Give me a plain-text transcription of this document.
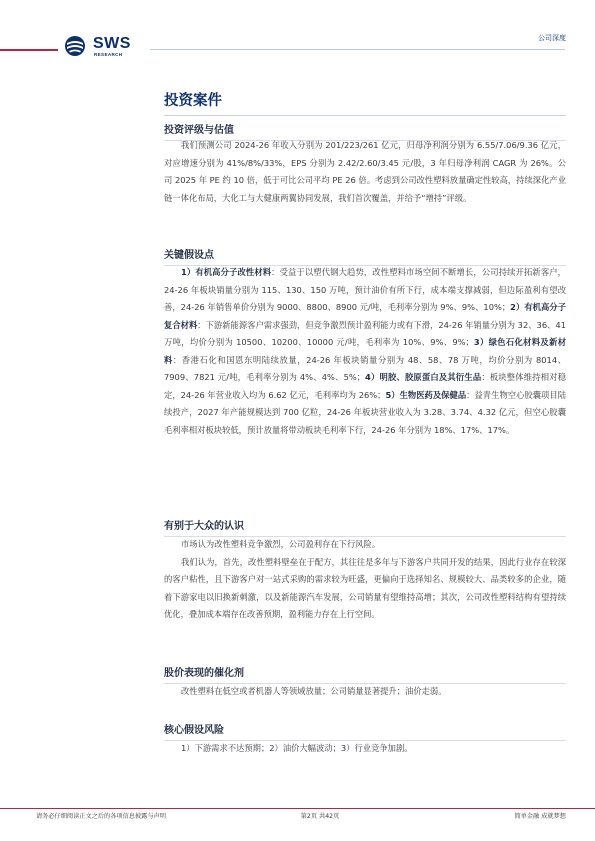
SWS
RESEARCH
公司深度
投资案件
投资评级与估值

我们预测公司 2024-26 年收入分别为 201/223/261 亿元，归母净利润分别为 6.55/7.06/9.36 亿元，对应增速分别为 41%/8%/33%，EPS 分别为 2.42/2.60/3.45 元/股，3 年归母净利润 CAGR 为 26%。公司 2025 年 PE 约 10 倍，低于可比公司平均 PE 26 倍。考虑到公司改性塑料放量确定性较高，持续深化产业链一体化布局，大化工与大健康两翼协同发展，我们首次覆盖，并给予“增持”评级。

关键假设点

1）有机高分子改性材料：受益于以塑代钢大趋势，改性塑料市场空间不断增长，公司持续开拓新客户，24-26 年板块销量分别为 115、130、150 万吨，预计油价有所下行，成本端支撑减弱，但边际盈利有望改善，24-26 年销售单价分别为 9000、8800、8900 元/吨，毛利率分别为 9%、9%、10%；2）有机高分子复合材料：下游新能源客户需求强劲，但竞争激烈预计盈利能力或有下滑，24-26 年销量分别为 32、36、41 万吨，均价分别为 10500、10200、10000 元/吨，毛利率为 10%、9%、9%；3）绿色石化材料及新材料：香港石化和国恩东明陆续放量，24-26 年板块销量分别为 48、58、78 万吨，均价分别为 8014、7909、7821 元/吨，毛利率分别为 4%、4%、5%；4）明胶、胶原蛋白及其衍生品：板块整体维持相对稳定，24-26 年营业收入均为 6.62 亿元，毛利率均为 26%；5）生物医药及保健品：益青生物空心胶囊项目陆续投产，2027 年产能规模达到 700 亿粒，24-26 年板块营业收入为 3.28、3.74、4.32 亿元，但空心胶囊毛利率相对板块较低，预计放量将带动板块毛利率下行，24-26 年分别为 18%、17%、17%。

有别于大众的认识

市场认为改性塑料竞争激烈，公司盈利存在下行风险。

我们认为，首先，改性塑料壁垒在于配方，其往往是多年与下游客户共同开发的结果，因此行业存在较深的客户粘性，且下游客户对一站式采购的需求较为旺盛，更偏向于选择知名、规模较大、品类较多的企业，随着下游家电以旧换新刺激，以及新能源汽车发展，公司销量有望维持高增；其次，公司改性塑料结构有望持续优化，叠加成本端存在改善预期，盈利能力存在上行空间。

股价表现的催化剂

改性塑料在低空或者机器人等领域放量；公司销量显著提升；油价走弱。

核心假设风险

1）下游需求不达预期；2）油价大幅波动；3）行业竞争加剧。

请务必仔细阅读正文之后的各项信息披露与声明	第2页 共42页	简单金融 成就梦想
